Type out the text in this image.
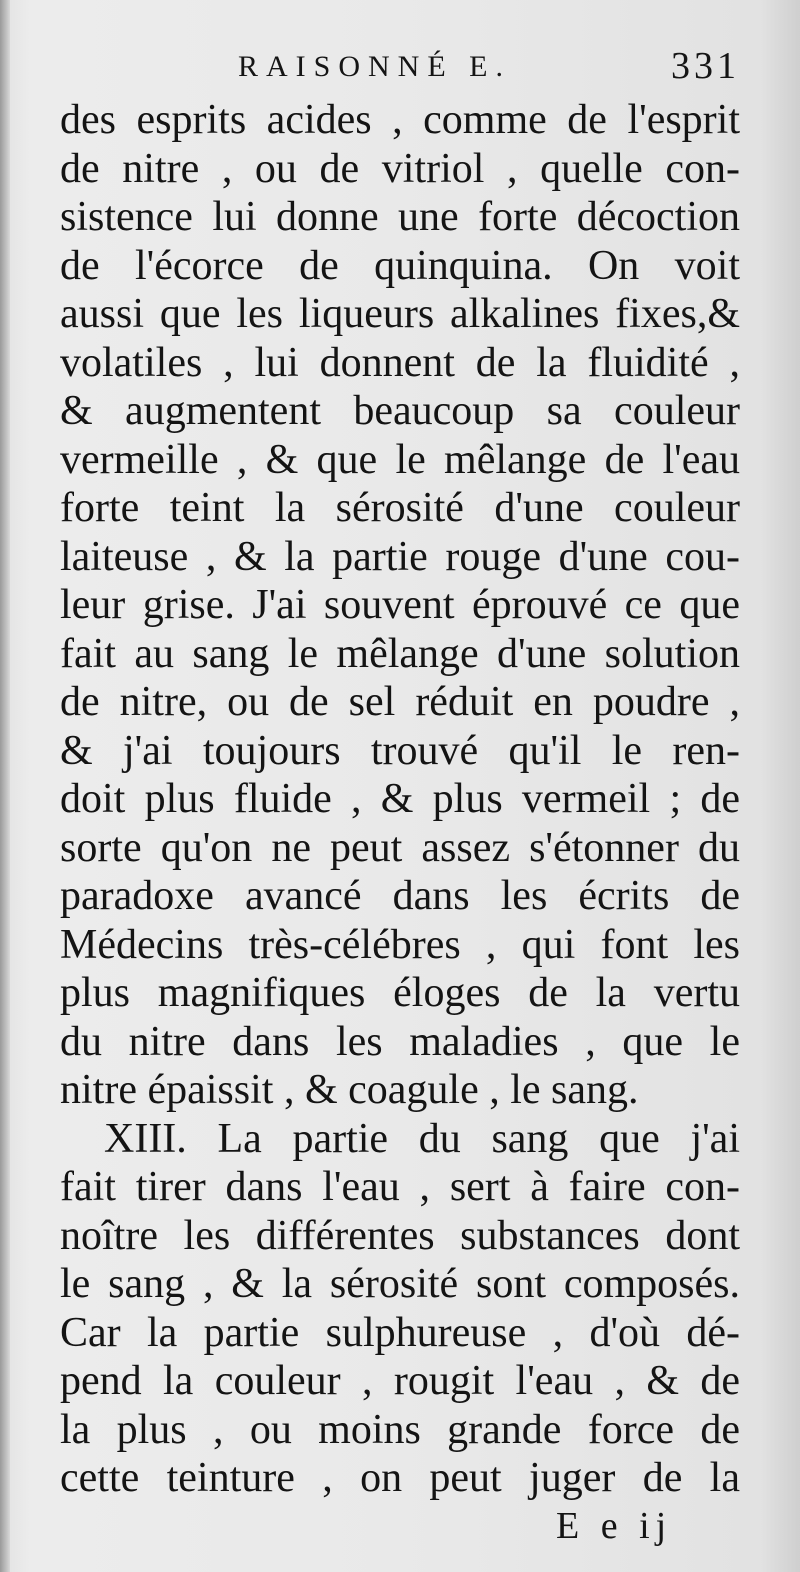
RAISONNÉ E.	331
des esprits acides , comme de l'esprit
de nitre , ou de vitriol , quelle con-
sistence lui donne une forte décoction
de l'écorce de quinquina. On voit
aussi que les liqueurs alkalines fixes,&
volatiles , lui donnent de la fluidité ,
& augmentent beaucoup sa couleur
vermeille , & que le mêlange de l'eau
forte teint la sérosité d'une couleur
laiteuse , & la partie rouge d'une cou-
leur grise. J'ai souvent éprouvé ce que
fait au sang le mêlange d'une solution
de nitre, ou de sel réduit en poudre ,
& j'ai toujours trouvé qu'il le ren-
doit plus fluide , & plus vermeil ; de
sorte qu'on ne peut assez s'étonner du
paradoxe avancé dans les écrits de
Médecins très-célébres , qui font les
plus magnifiques éloges de la vertu
du nitre dans les maladies , que le
nitre épaissit , & coagule , le sang.
XIII. La partie du sang que j'ai
fait tirer dans l'eau , sert à faire con-
noître les différentes substances dont
le sang , & la sérosité sont composés.
Car la partie sulphureuse , d'où dé-
pend la couleur , rougit l'eau , & de
la plus , ou moins grande force de
cette teinture , on peut juger de la
E e ij
